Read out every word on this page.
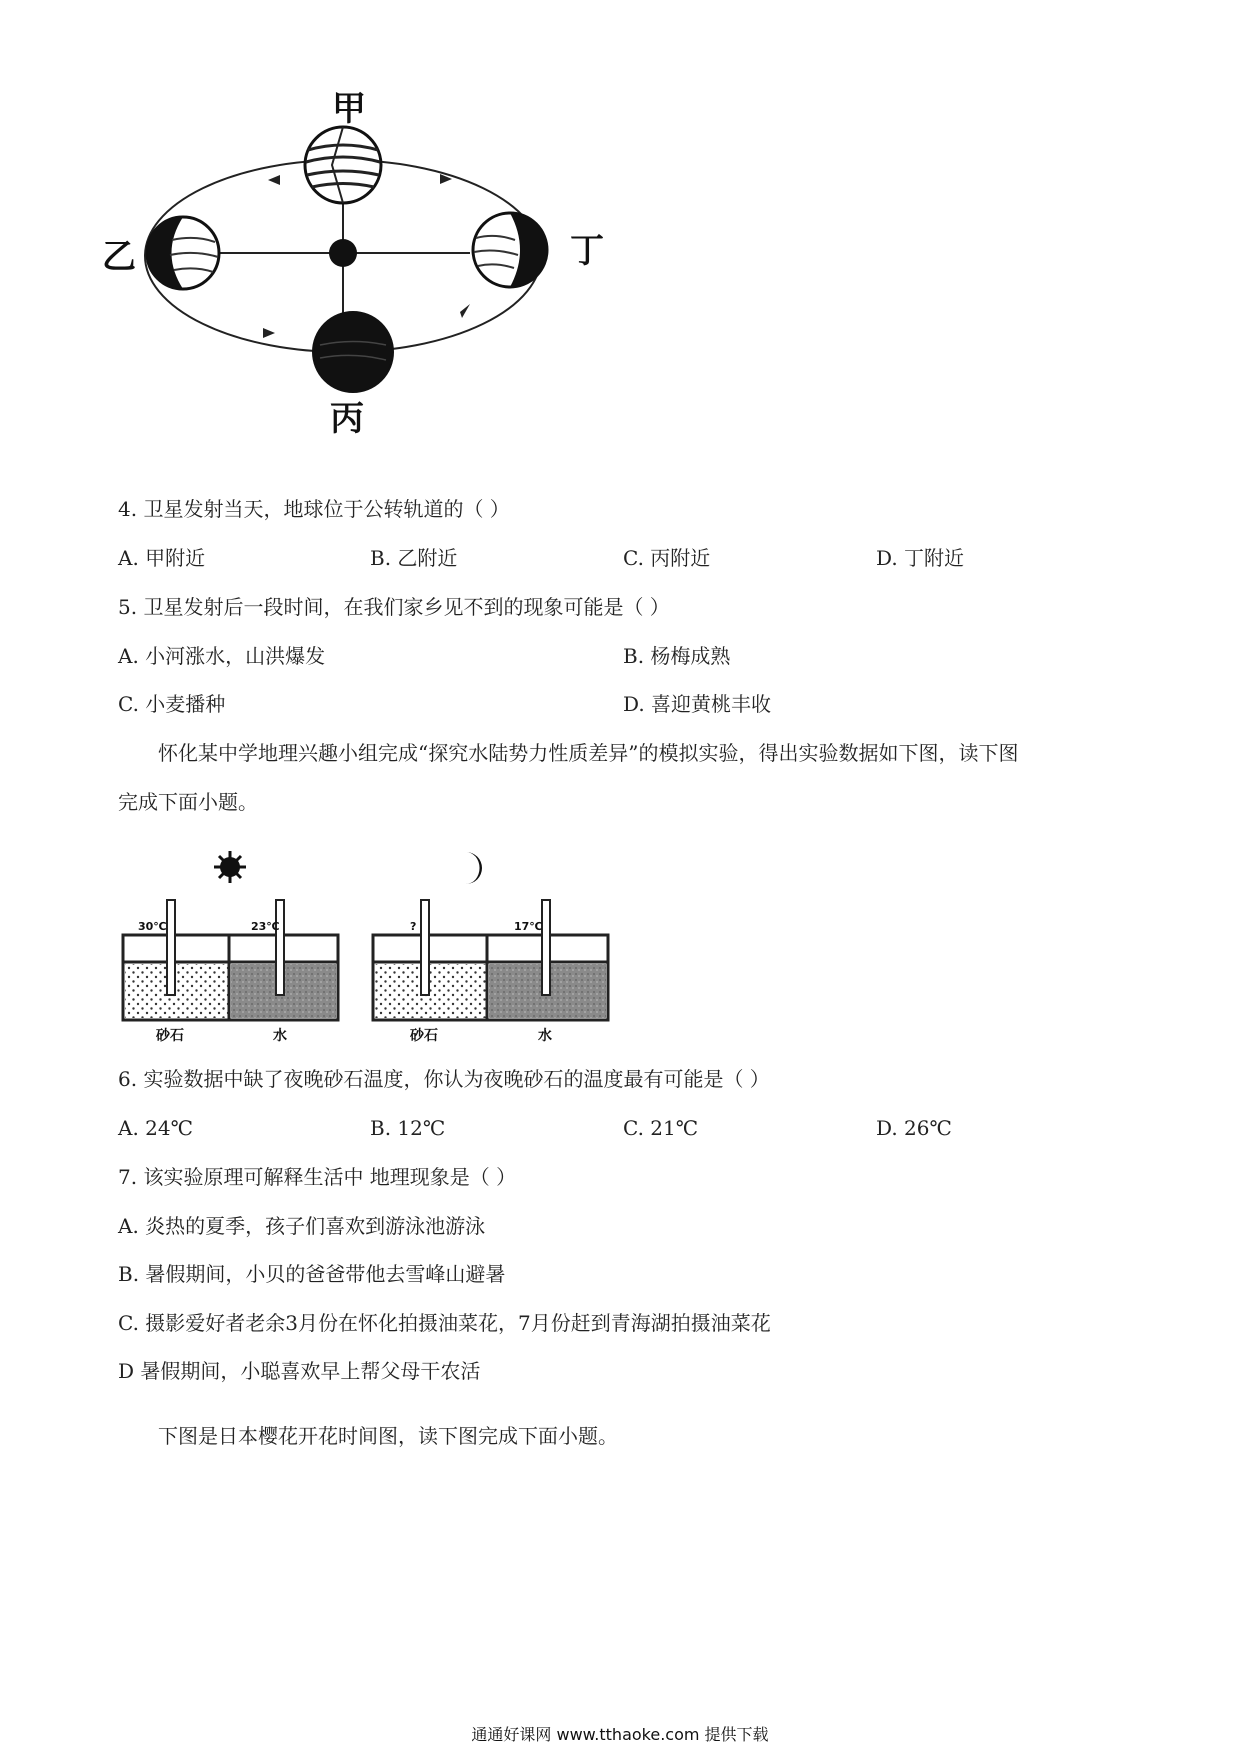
甲
乙	丁
丙
4. 卫星发射当天，地球位于公转轨道的（ ）
A. 甲附近	B. 乙附近	C. 丙附近	D. 丁附近
5. 卫星发射后一段时间，在我们家乡见不到的现象可能是（ ）
A. 小河涨水，山洪爆发	B. 杨梅成熟
C. 小麦播种	D. 喜迎黄桃丰收
怀化某中学地理兴趣小组完成“探究水陆势力性质差异”的模拟实验，得出实验数据如下图，读下图
完成下面小题。
30℃	23℃
砂石	水
?	17℃
砂石	水
6. 实验数据中缺了夜晚砂石温度，你认为夜晚砂石的温度最有可能是（ ）
A. 24℃	B. 12℃	C. 21℃	D. 26℃
7. 该实验原理可解释生活中 地理现象是（ ）
A. 炎热的夏季，孩子们喜欢到游泳池游泳
B. 暑假期间，小贝的爸爸带他去雪峰山避暑
C. 摄影爱好者老余3月份在怀化拍摄油菜花，7月份赶到青海湖拍摄油菜花
D 暑假期间，小聪喜欢早上帮父母干农活
下图是日本樱花开花时间图，读下图完成下面小题。
通通好课网 www.tthaoke.com 提供下载
